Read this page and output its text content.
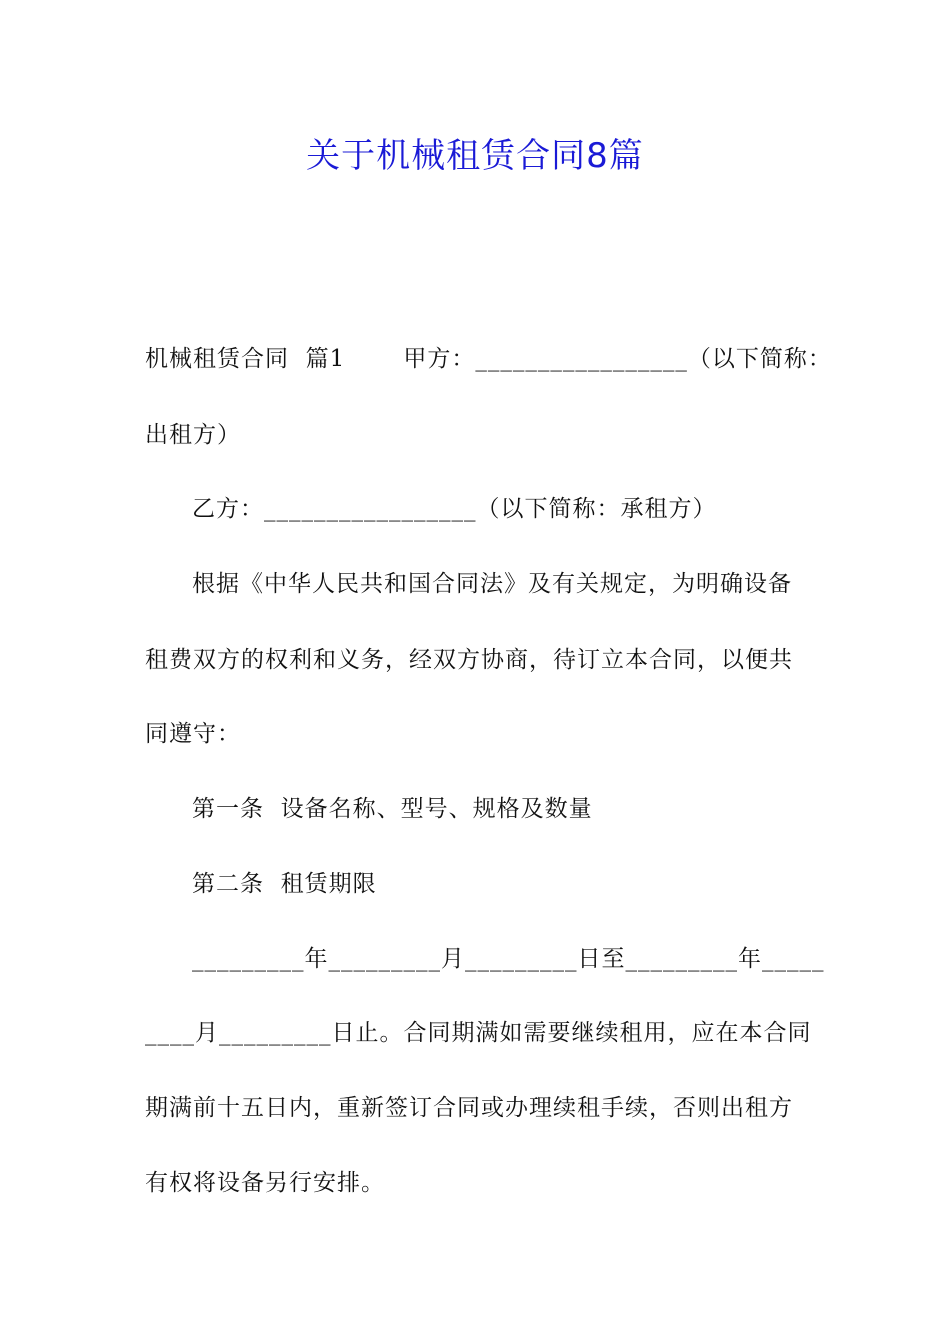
关于机械租赁合同8篇
机械租赁合同  篇1       甲方：_________________（以下简称：
出租方）
乙方：_________________（以下简称：承租方）
根据《中华人民共和国合同法》及有关规定，为明确设备
租费双方的权利和义务，经双方协商，待订立本合同，以便共
同遵守：
第一条  设备名称、型号、规格及数量
第二条  租赁期限
_________年_________月_________日至_________年_____
____月_________日止。合同期满如需要继续租用，应在本合同
期满前十五日内，重新签订合同或办理续租手续，否则出租方
有权将设备另行安排。
